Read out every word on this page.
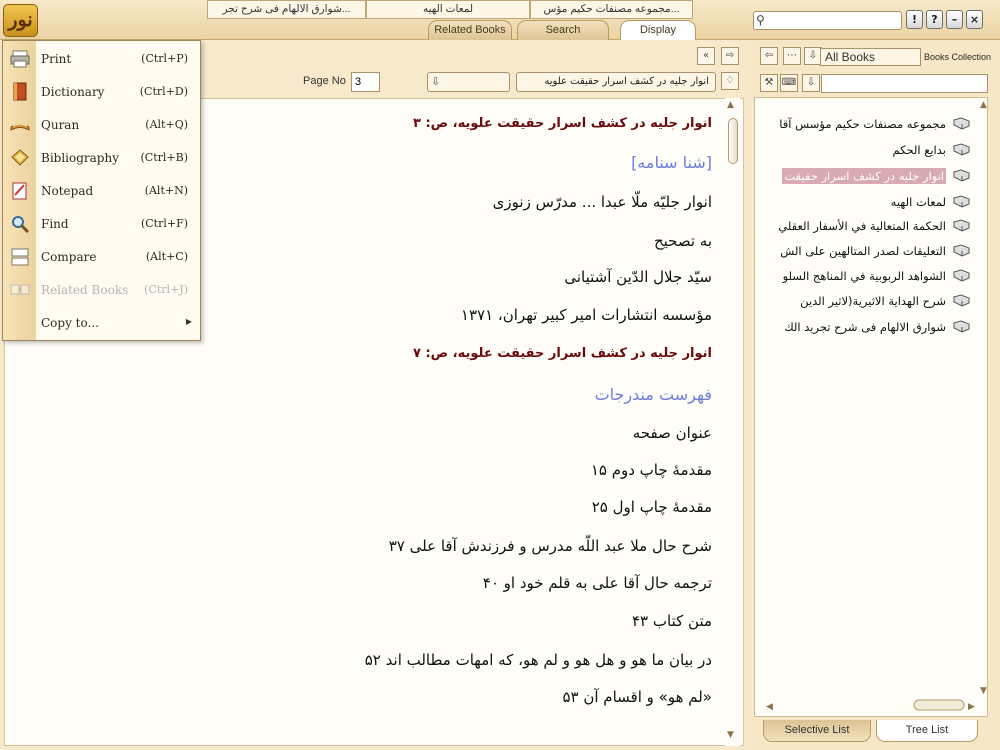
نور	Related Books	Search	Display
⚲	!	?	–	×
شوارق الالهام فى شرح تجر...	لمعات الهيه	مجموعه مصنفات حكيم مؤس...
«	⇨
Page No
3	⇩	انوار جليه در كشف اسرار حقيقت علويه	♢
▲
▼
انوار جليه در كشف اسرار حقيقت علويه، ص: ۳
[شنا سنامه]
انوار جليّه ملّا عبدا ... مدرّس زنوزی
به تصحيح
سيّد جلال الدّين آشتيانی
مؤسسه انتشارات امير كبير تهران، ۱۳۷۱
انوار جليه در كشف اسرار حقيقت علويه، ص: ۷
فهرست مندرجات
عنوان صفحه
مقدمهٔ چاپ دوم ۱۵
مقدمهٔ چاپ اول ۲۵
شرح حال ملا عبد اللّه مدرس و فرزندش آقا علی ۳۷
ترجمه حال آقا علی به قلم خود او ۴۰
متن كتاب ۴۳
در بيان ما هو و هل هو و لم هو، كه امهات مطالب اند ۵۲
«لم هو» و اقسام آن ۵۳
⇦	⋯	⇩ All Books	Books Collection
⚒ ⌨	⇩
مجموعه مصنفات حكيم مؤسس آقا
بدايع الحكم
انوار جليه در كشف اسرار حقيقت
لمعات الهيه
الحكمة المتعالية في الأسفار العقلي
التعليقات لصدر المتالهين على الش
الشواهد الربوبية في المناهج السلو
شرح الهداية الاثيرية(لاثير الدين
شوارق الالهام فى شرح تجريد الك
◀	▶
▲
▼
Selective List	Tree List
Print	(Ctrl+P)
Dictionary	(Ctrl+D)
Quran	(Alt+Q)
Bibliography (Ctrl+B)
Notepad	(Alt+N)
Find	(Ctrl+F)
Compare	(Alt+C)
Related Books (Ctrl+J)
Copy to...	▶
